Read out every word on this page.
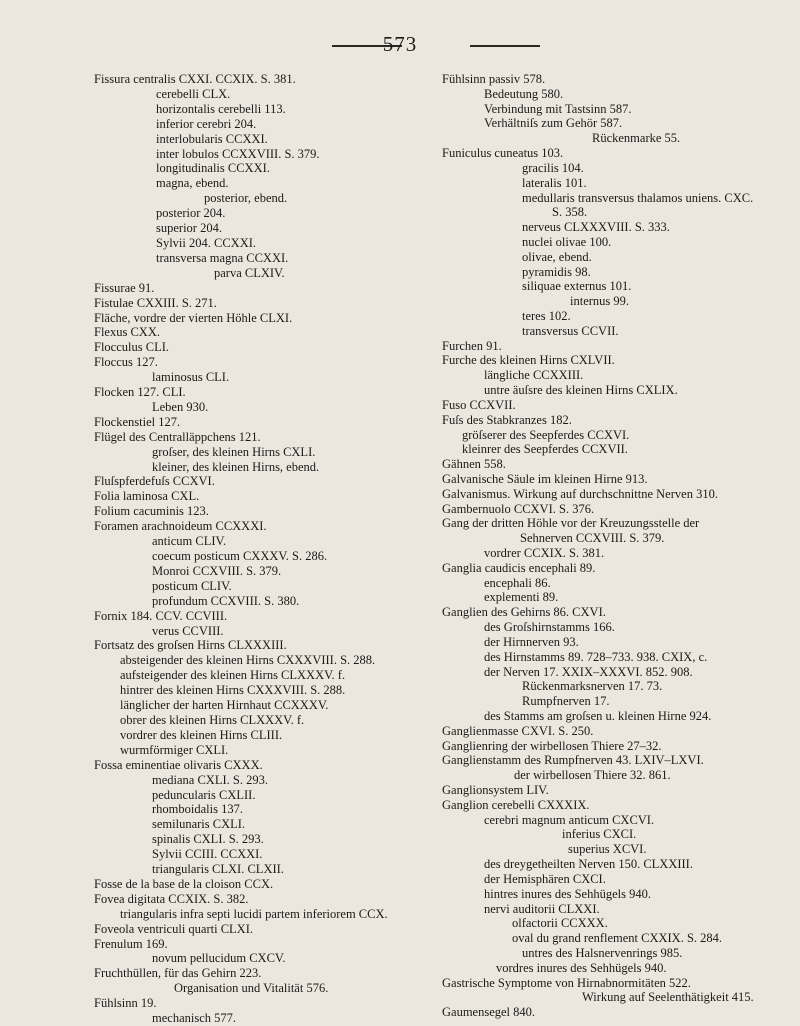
573
Fissura centralis CXXI. CCXIX. S. 381.
cerebelli CLX.
horizontalis cerebelli 113.
inferior cerebri 204.
interlobularis CCXXI.
inter lobulos CCXXVIII. S. 379.
longitudinalis CCXXI.
magna, ebend.
posterior, ebend.
posterior 204.
superior 204.
Sylvii 204. CCXXI.
transversa magna CCXXI.
parva CLXIV.
Fissurae 91.
Fistulae CXXIII. S. 271.
Fläche, vordre der vierten Höhle CLXI.
Flexus CXX.
Flocculus CLI.
Floccus 127.
laminosus CLI.
Flocken 127. CLI.
Leben 930.
Flockenstiel 127.
Flügel des Centralläppchens 121.
groſser, des kleinen Hirns CXLI.
kleiner, des kleinen Hirns, ebend.
Fluſspferdefuſs CCXVI.
Folia laminosa CXL.
Folium cacuminis 123.
Foramen arachnoideum CCXXXI.
anticum CLIV.
coecum posticum CXXXV. S. 286.
Monroi CCXVIII. S. 379.
posticum CLIV.
profundum CCXVIII. S. 380.
Fornix 184. CCV. CCVIII.
verus CCVIII.
Fortsatz des groſsen Hirns CLXXXIII.
absteigender des kleinen Hirns CXXXVIII. S. 288.
aufsteigender des kleinen Hirns CLXXXV. f.
hintrer des kleinen Hirns CXXXVIII. S. 288.
länglicher der harten Hirnhaut CCXXXV.
obrer des kleinen Hirns CLXXXV. f.
vordrer des kleinen Hirns CLIII.
wurmförmiger CXLI.
Fossa eminentiae olivaris CXXX.
mediana CXLI. S. 293.
peduncularis CXLII.
rhomboidalis 137.
semilunaris CXLI.
spinalis CXLI. S. 293.
Sylvii CCIII. CCXXI.
triangularis CLXI. CLXII.
Fosse de la base de la cloison CCX.
Fovea digitata CCXIX. S. 382.
triangularis infra septi lucidi partem inferiorem CCX.
Foveola ventriculi quarti CLXI.
Frenulum 169.
novum pellucidum CXCV.
Fruchthüllen, für das Gehirn 223.
Organisation und Vitalität 576.
Fühlsinn 19.
mechanisch 577.
Fühlsinn passiv 578.
Bedeutung 580.
Verbindung mit Tastsinn 587.
Verhältniſs zum Gehör 587.
Rückenmarke 55.
Funiculus cuneatus 103.
gracilis 104.
lateralis 101.
medullaris transversus thalamos uniens. CXC.
S. 358.
nerveus CLXXXVIII. S. 333.
nuclei olivae 100.
olivae, ebend.
pyramidis 98.
siliquae externus 101.
internus 99.
teres 102.
transversus CCVII.
Furchen 91.
Furche des kleinen Hirns CXLVII.
längliche CCXXIII.
untre äuſsre des kleinen Hirns CXLIX.
Fuso CCXVII.
Fuſs des Stabkranzes 182.
gröſserer des Seepferdes CCXVI.
kleinrer des Seepferdes CCXVII.
Gähnen 558.
Galvanische Säule im kleinen Hirne 913.
Galvanismus. Wirkung auf durchschnittne Nerven 310.
Gambernuolo CCXVI. S. 376.
Gang der dritten Höhle vor der Kreuzungsstelle der
Sehnerven CCXVIII. S. 379.
vordrer CCXIX. S. 381.
Ganglia caudicis encephali 89.
encephali 86.
explementi 89.
Ganglien des Gehirns 86. CXVI.
des Groſshirnstamms 166.
der Hirnnerven 93.
des Hirnstamms 89. 728–733. 938. CXIX, c.
der Nerven 17. XXIX–XXXVI. 852. 908.
Rückenmarksnerven 17. 73.
Rumpfnerven 17.
des Stamms am groſsen u. kleinen Hirne 924.
Ganglienmasse CXVI. S. 250.
Ganglienring der wirbellosen Thiere 27–32.
Ganglienstamm des Rumpfnerven 43. LXIV–LXVI.
der wirbellosen Thiere 32. 861.
Ganglionsystem LIV.
Ganglion cerebelli CXXXIX.
cerebri magnum anticum CXCVI.
inferius CXCI.
superius XCVI.
des dreygetheilten Nerven 150. CLXXIII.
der Hemisphären CXCI.
hintres inures des Sehhügels 940.
nervi auditorii CLXXI.
olfactorii CCXXX.
oval du grand renflement CXXIX. S. 284.
untres des Halsnervenrings 985.
vordres inures des Sehhügels 940.
Gastrische Symptome von Hirnabnormitäten 522.
Wirkung auf Seelenthätigkeit 415.
Gaumensegel 840.
